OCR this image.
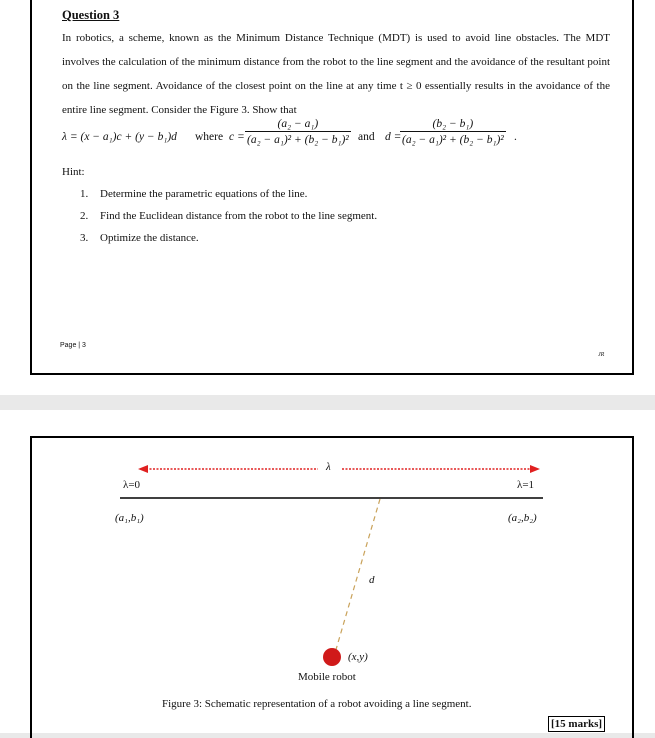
Question 3
In robotics, a scheme, known as the Minimum Distance Technique (MDT) is used to avoid line obstacles. The MDT involves the calculation of the minimum distance from the robot to the line segment and the avoidance of the resultant point on the line segment. Avoidance of the closest point on the line at any time t ≥ 0 essentially results in the avoidance of the entire line segment. Consider the Figure 3. Show that
λ = (x − a₁)c + (y − b₁)d where c =
(a₂ − a₁)
(a₂ − a₁)² + (b₂ − b₁)² and d =
(b₂ − b₁)
(a₂ − a₁)² + (b₂ − b₁)² .
Hint:
1. Determine the parametric equations of the line.
2. Find the Euclidean distance from the robot to the line segment.
3. Optimize the distance.
Page | 3
JR
λ
λ=0	λ=1
(a₁,b₁)	(a₂,b₂)
d
(x,y)
Mobile robot
Figure 3: Schematic representation of a robot avoiding a line segment.
[15 marks]
